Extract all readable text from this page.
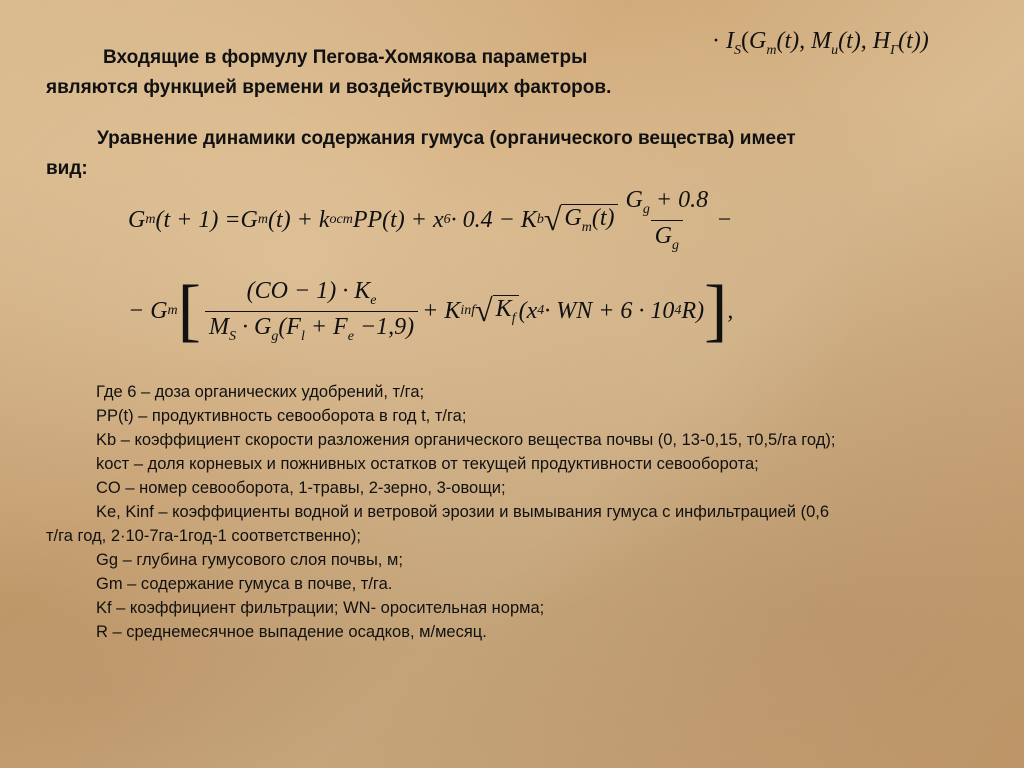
· $I_S(G_m(t)$, $M_u(t)$, $H_Г(t)$)
Входящие в формулу Пегова-Хомякова параметры
являются функцией времени и воздействующих факторов.
Уравнение динамики содержания гумуса (органического вещества) имеет
вид:
G m (t + 1) = G m (t) + k ост PP(t) + x 6 · 0.4 − K b √ $G_m(t) \frac{G_g + 0.8}{G_g}$ −
− G m [ $\frac{(CO - 1) \cdot K_e}{M_S \cdot G_g(F_l + F_e -1,9)} + K$ inf √ $K_f$ (x 4 · WN + 6 · 10 4 R) ] ,

Где 6 – доза органических удобрений, т/га;

PP(t) – продуктивность севооборота в год t, т/га;

Kb – коэффициент скорости разложения органического вещества почвы (0, 13-0,15, т0,5/га год);

kост – доля корневых и пожнивных остатков от текущей продуктивности севооборота;

CO – номер севооборота, 1-травы, 2-зерно, 3-овощи;

Ke, Kinf – коэффициенты водной и ветровой эрозии и вымывания гумуса с инфильтрацией (0,6

т/га год, 2·10-7га-1год-1 соответственно);

Gg – глубина гумусового слоя почвы, м;

Gm – содержание гумуса в почве, т/га.

Kf – коэффициент фильтрации; WN- оросительная норма;

R – среднемесячное выпадение осадков, м/месяц.
